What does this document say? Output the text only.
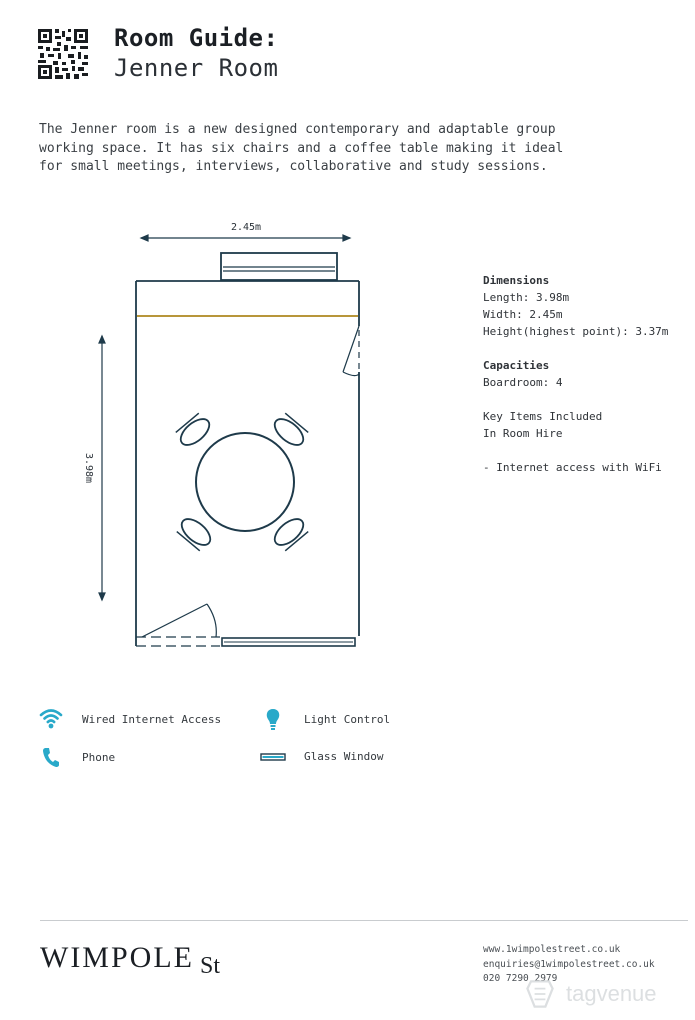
Room Guide:
Jenner Room
The Jenner room is a new designed contemporary and adaptable group
working space. It has six chairs and a coffee table making it ideal
for small meetings, interviews, collaborative and study sessions.
2.45m
3.98m
Dimensions
Length: 3.98m
Width: 2.45m
Height(highest point): 3.37m
Capacities
Boardroom: 4
Key Items Included
In Room Hire
- Internet access with WiFi
Wired Internet Access	Light Control
Phone	Glass Window
WIMPOLE St
www.1wimpolestreet.co.uk
enquiries@1wimpolestreet.co.uk
020 7290 2979
tagvenue
